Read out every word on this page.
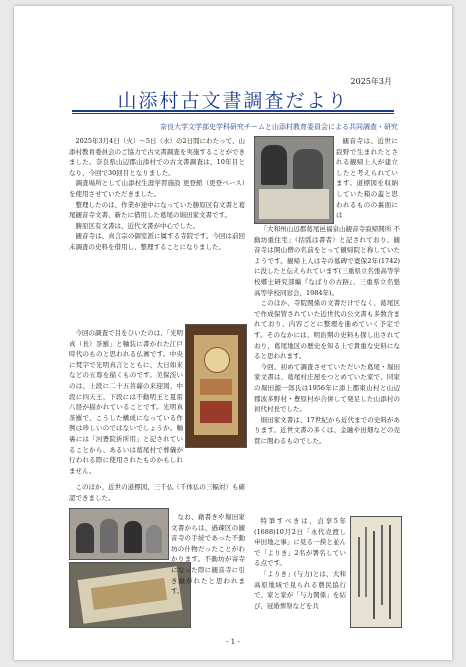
2025年3月
山添村古文書調査だより
奈良大学文学部史学科研究チームと山添村教育委員会による共同調査・研究

2025年3月4日（火）～5日（水）の2日間にわたって、山添村教育委員会のご協力で古文書調査を実施することができました。奈良県山辺郡山添村での古文書調査は、10年目となり、今回で30回目となりました。

調査場所として山添村生涯学習施設 更登館（更登ベース）を使用させていただきました。

整理したのは、作業が途中になっていた勝原区有文書と葛尾観音寺文書、新たに借用した葛尾の堀田家文書です。

勝原区有文書は、近代文書が中心でした。

観音寺は、真言宗の御室派に属する寺院です。今回は前回未調査の史料を借用し、整理することになりました。

今回の調査で目をひいたのは、「光明真（長）茶羅」と軸装に書かれた江戸時代のものと思われる仏画です。中央に梵字で光明真言とともに、大日如来などの五尊を描くものです。美保渓いのは、上段に二十五菩薩の来迎図、中段に四天王、下段には不動明王と夏雷八経が描かれていることです。光明真茶羅で、こうした構成になっている作例は珍しいのではないでしょうか。軸裏には「河豊院祈所用」と記されていることから、あるいは葛尾村で葬儀が行われる際に使用されたものかもしれません。

このほか、近世の道標図、三千仏（千体仏の三幅対）も確認できました。

なお、藉書きや堀田家文書からは、過疎区の観音寺の手続であった不動坊の什物だったことがわかります。不動坊が寄寺になった際に観音寺に引き継がれたと思われます。

観音寺は、近世に寂野で生まれたとされる観帰上人が建立したと考えられています。道標図を収納していた箱の蓋と思われるものの裏面には

「大和州山辺郡葛尾邑福泉山観音寺寂帰開所 不動坊重住宅」（括弧は書者）と記されており、観音寺は開山僧の名前をとって観帰院と称していたようです。観帰上人は寺の墓碑で寛保2年(1742)に没したと伝えられています(三重県立名張高等学校郷土研究部編『なばりの古跡』、三重県立名張高等学校同窓会、1984年)。

このほか、寺院関係の文書だけでなく、葛尾区で作成保管されていた近世代の公文書も多数含まれており、内容ごとに整理を進めていく予定です。そのなかには、明治期の史料も探し出されており、葛尾地区の歴史を知る上で貴重な史料になると思われます。

今回、初めて調査させていただいた葛尾・堀田家文書は、葛尾村庄屋をつとめていた家で、同家の堀田源一郎氏は1956年に添上郡東山村と山辺郡波多野村・豊原村が合併して発足した山添村の初代村長でした。

堀田家文書は、17世紀から近代までの史料があります。近世文書の多くは、金融や田畑などの売買に関わるものでした。

特筆すべきは、貞享5年(1688)10月2日「永代売渡し申田地之事」に見る一揆と並んで「よりき」2名が署名している点です。

「よりき」(与力)とは、大和高原地域で見られる農民協行で、家と家が「与力関係」を結び、冠婚葬祭などを共

- 1 -
